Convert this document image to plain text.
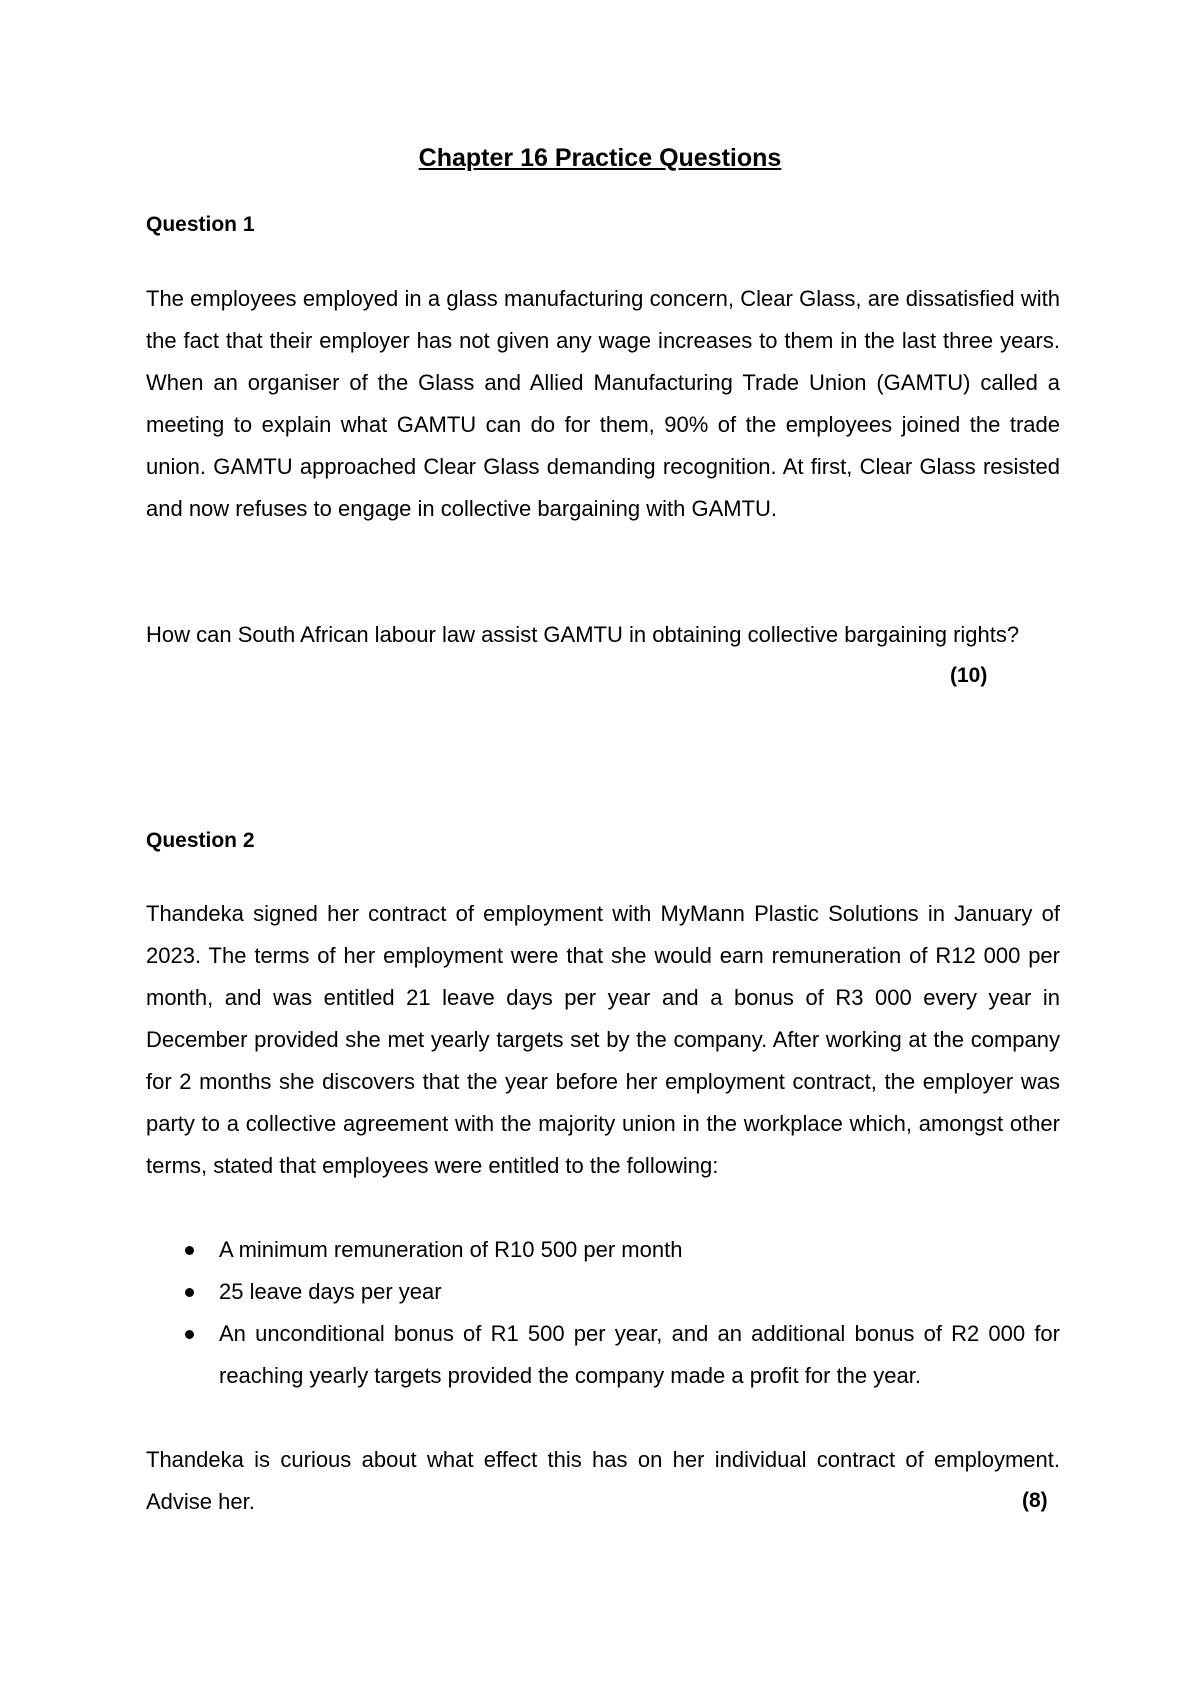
Chapter 16 Practice Questions
Question 1

The employees employed in a glass manufacturing concern, Clear Glass, are dissatisfied with the fact that their employer has not given any wage increases to them in the last three years. When an organiser of the Glass and Allied Manufacturing Trade Union (GAMTU) called a meeting to explain what GAMTU can do for them, 90% of the employees joined the trade union. GAMTU approached Clear Glass demanding recognition. At first, Clear Glass resisted and now refuses to engage in collective bargaining with GAMTU.

How can South African labour law assist GAMTU in obtaining collective bargaining rights?

(10)
Question 2

Thandeka signed her contract of employment with MyMann Plastic Solutions in January of 2023. The terms of her employment were that she would earn remuneration of R12 000 per month, and was entitled 21 leave days per year and a bonus of R3 000 every year in December provided she met yearly targets set by the company. After working at the company for 2 months she discovers that the year before her employment contract, the employer was party to a collective agreement with the majority union in the workplace which, amongst other terms, stated that employees were entitled to the following:

A minimum remuneration of R10 500 per month
25 leave days per year
An unconditional bonus of R1 500 per year, and an additional bonus of R2 000 for reaching yearly targets provided the company made a profit for the year.

Thandeka is curious about what effect this has on her individual contract of employment. Advise her.	(8)
